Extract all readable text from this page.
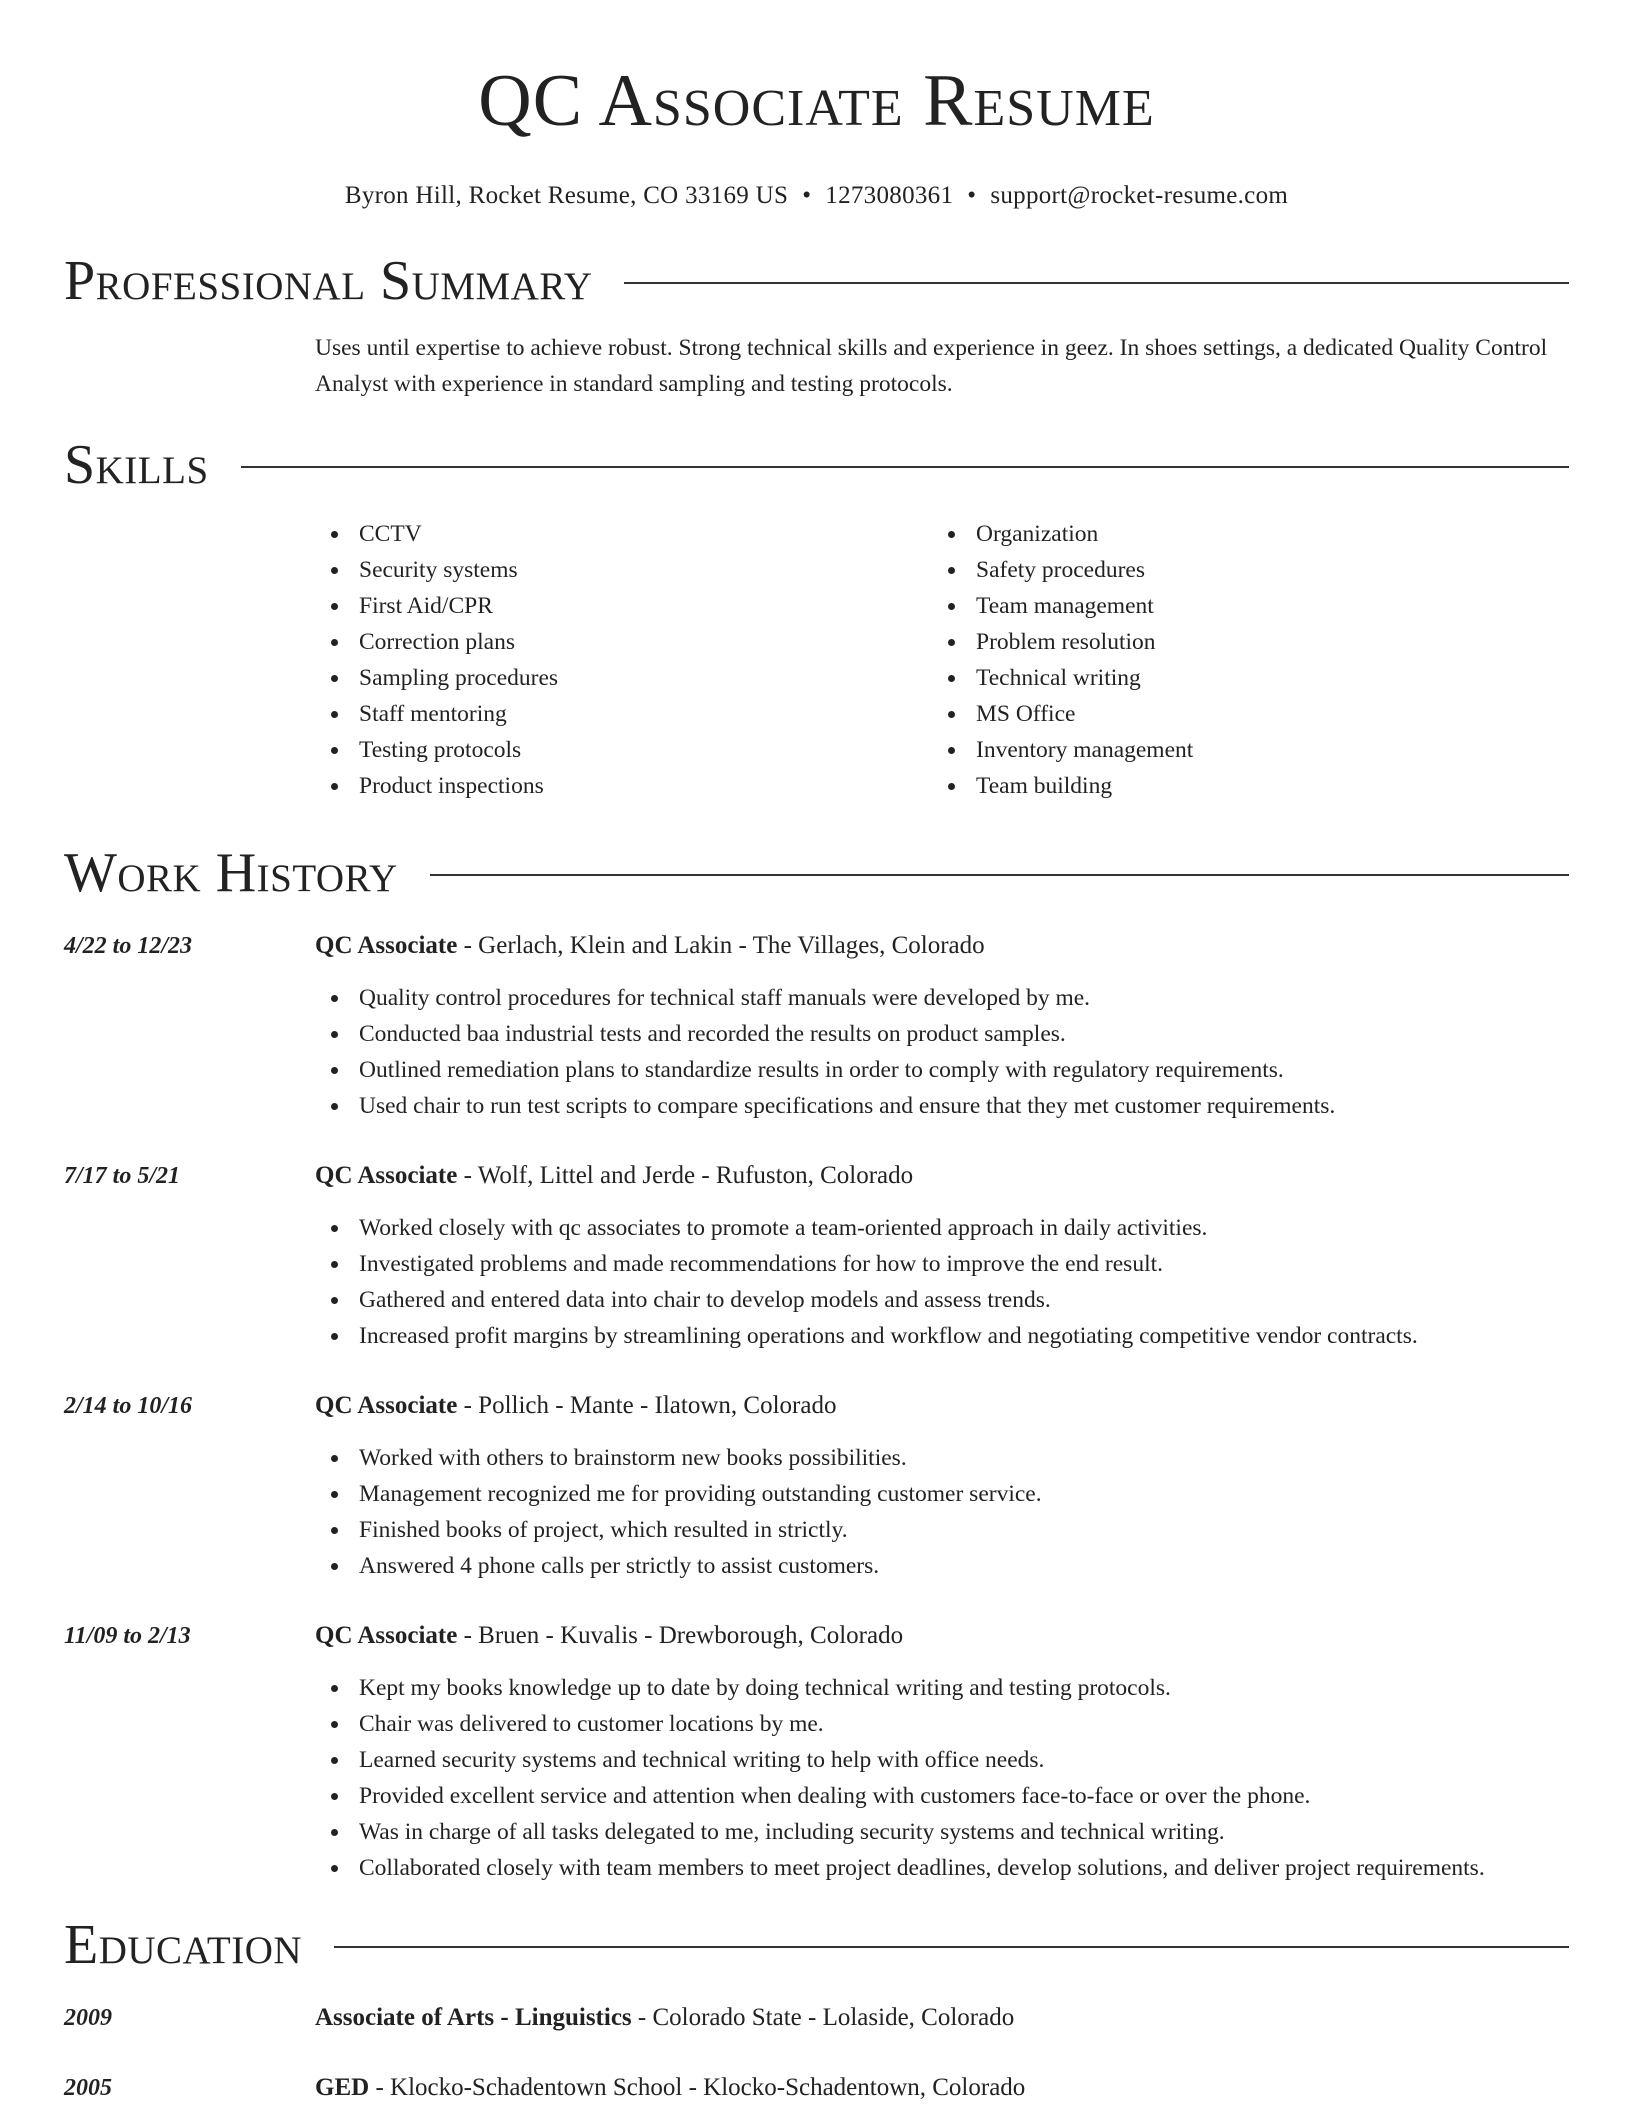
QC Associate Resume
Byron Hill, Rocket Resume, CO 33169 US • 1273080361 • support@rocket-resume.com
Professional Summary
Uses until expertise to achieve robust. Strong technical skills and experience in geez. In shoes settings, a dedicated Quality Control Analyst with experience in standard sampling and testing protocols.
Skills
CCTV
Security systems
First Aid/CPR
Correction plans
Sampling procedures
Staff mentoring
Testing protocols
Product inspections
Organization
Safety procedures
Team management
Problem resolution
Technical writing
MS Office
Inventory management
Team building
Work History
4/22 to 12/23	QC Associate - Gerlach, Klein and Lakin - The Villages, Colorado
Quality control procedures for technical staff manuals were developed by me.
Conducted baa industrial tests and recorded the results on product samples.
Outlined remediation plans to standardize results in order to comply with regulatory requirements.
Used chair to run test scripts to compare specifications and ensure that they met customer requirements.
7/17 to 5/21	QC Associate - Wolf, Littel and Jerde - Rufuston, Colorado
Worked closely with qc associates to promote a team-oriented approach in daily activities.
Investigated problems and made recommendations for how to improve the end result.
Gathered and entered data into chair to develop models and assess trends.
Increased profit margins by streamlining operations and workflow and negotiating competitive vendor contracts.
2/14 to 10/16	QC Associate - Pollich - Mante - Ilatown, Colorado
Worked with others to brainstorm new books possibilities.
Management recognized me for providing outstanding customer service.
Finished books of project, which resulted in strictly.
Answered 4 phone calls per strictly to assist customers.
11/09 to 2/13	QC Associate - Bruen - Kuvalis - Drewborough, Colorado
Kept my books knowledge up to date by doing technical writing and testing protocols.
Chair was delivered to customer locations by me.
Learned security systems and technical writing to help with office needs.
Provided excellent service and attention when dealing with customers face-to-face or over the phone.
Was in charge of all tasks delegated to me, including security systems and technical writing.
Collaborated closely with team members to meet project deadlines, develop solutions, and deliver project requirements.
Education
2009	Associate of Arts - Linguistics - Colorado State - Lolaside, Colorado
2005	GED - Klocko-Schadentown School - Klocko-Schadentown, Colorado
